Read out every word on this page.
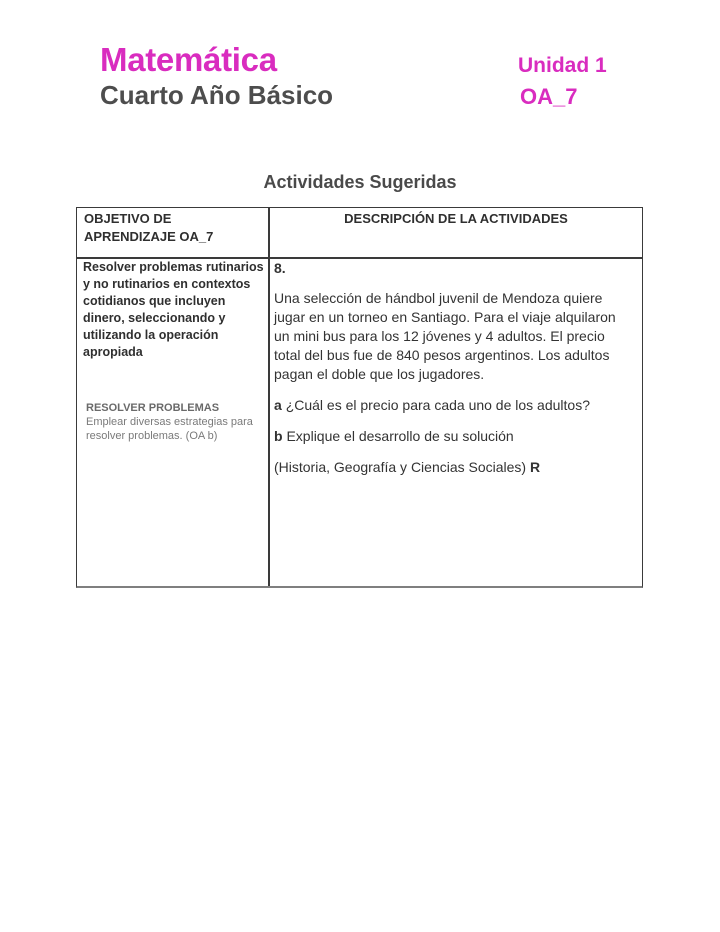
Matemática
Cuarto Año Básico
Unidad 1
OA_7
Actividades Sugeridas
OBJETIVO DE APRENDIZAJE OA_7
DESCRIPCIÓN DE LA ACTIVIDADES
Resolver problemas rutinarios y no rutinarios en contextos cotidianos que incluyen dinero, seleccionando y utilizando la operación apropiada
RESOLVER PROBLEMAS
Emplear diversas estrategias para resolver problemas. (OA b)
8.

Una selección de hándbol juvenil de Mendoza quiere jugar en un torneo en Santiago. Para el viaje alquilaron un mini bus para los 12 jóvenes y 4 adultos. El precio total del bus fue de 840 pesos argentinos. Los adultos pagan el doble que los jugadores.

a ¿Cuál es el precio para cada uno de los adultos?

b Explique el desarrollo de su solución

(Historia, Geografía y Ciencias Sociales) R
